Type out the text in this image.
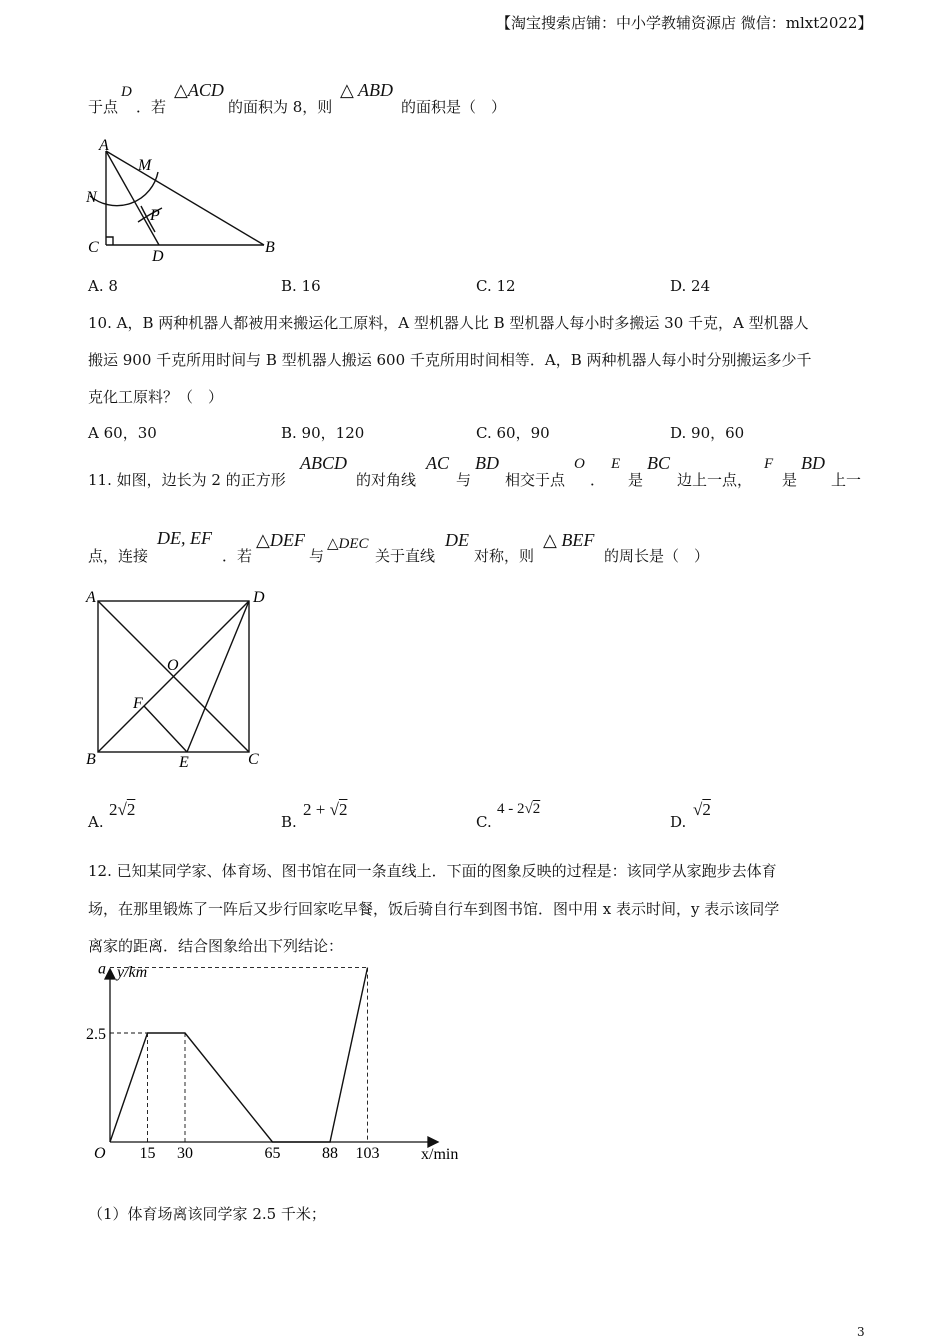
【淘宝搜索店铺：中小学教辅资源店 微信：mlxt2022】
于点
D
．若
△ACD
的面积为 8，则
△ ABD
的面积是（　）
A
M
N
P
C
D
B
A. 8	B. 16	C. 12	D. 24
10. A，B 两种机器人都被用来搬运化工原料，A 型机器人比 B 型机器人每小时多搬运 30 千克，A 型机器人
搬运 900 千克所用时间与 B 型机器人搬运 600 千克所用时间相等．A，B 两种机器人每小时分别搬运多少千
克化工原料？（　）
A 60，30	B. 90，120	C. 60，90	D. 90，60
11. 如图，边长为 2 的正方形
ABCD
的对角线
AC
与
BD
相交于点
O
．
E
是
BC
边上一点，
F
是
BD
上一
点，连接
DE, EF
．若
△DEF
与
△DEC
关于直线
DE
对称，则
△ BEF
的周长是（　）
A	D
O
F
B	E	C
A.
2√2
B.
2 + √2
C.
4 - 2√2
D.
√2
12. 已知某同学家、体育场、图书馆在同一条直线上．下面的图象反映的过程是：该同学从家跑步去体育
场，在那里锻炼了一阵后又步行回家吃早餐，饭后骑自行车到图书馆．图中用 x 表示时间，y 表示该同学
离家的距离．结合图象给出下列结论：
15 30	65	88 103
2.5
a y/km
x/min
O
（1）体育场离该同学家 2.5 千米；
3
